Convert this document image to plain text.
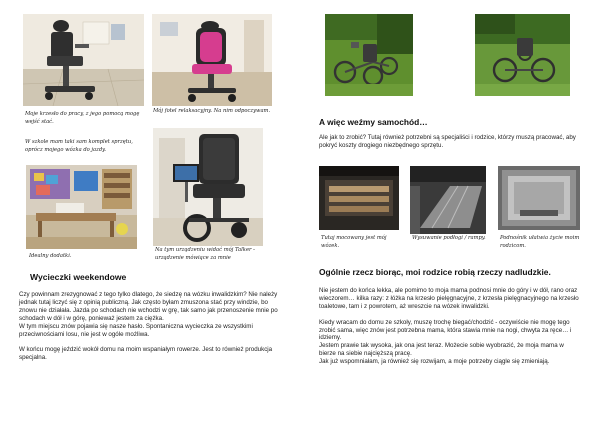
Moje krzesło do pracy, z jego pomocą mogę wejść stać.
Mój fotel relaksacyjny. Na nim odpoczywam.
W szkole mam taki sam komplet sprzętu, oprócz mojego wózka do jazdy.
Idealny dodatki.
Na tym urządzeniu widać mój Talker - urządzenie mówiące za mnie
Wycieczki weekendowe

Czy powinnam zrezygnować z tego tylko dlatego, że siedzę na wózku inwalidzkim? Nie należy jednak tutaj liczyć się z opinią publiczną. Jak często byłam zmuszona stać przy windzie, bo znowu nie działała. Jazda po schodach nie wchodzi w grę, tak samo jak przenoszenie mnie po schodach w dół i w górę, ponieważ jestem za ciężka.

W tym miejscu znów pojawia się nasze hasło. Spontaniczna wycieczka ze wszystkimi przeciwnościami losu, nie jest w ogóle możliwa.

W końcu mogę jeździć wokół domu na moim wspaniałym rowerze. Jest to również produkcja specjalna.

A więc weźmy samochód…
Ale jak to zrobić? Tutaj również potrzebni są specjaliści i rodzice, którzy muszą pracować, aby pokryć koszty drogiego niezbędnego sprzętu.
Tutaj mocowany jest mój wózek.
Wysuwanie podłogi / rampy.	Podnośnik ułatwia życie moim rodzicom.
Ogólnie rzecz biorąc, moi rodzice robią rzeczy nadludzkie.

Nie jestem do końca lekka, ale pomimo to moja mama podnosi mnie do góry i w dół, rano oraz wieczorem… kilka razy: z łóżka na krzesło pielęgnacyjne, z krzesła pielęgnacyjnego na krzesło toaletowe, tam i z powrotem, aż wreszcie na wózek inwalidzki.

Kiedy wracam do domu ze szkoły, muszę trochę biegać/chodzić - oczywiście nie mogę tego zrobić sama, więc znów jest potrzebna mama, która stawia mnie na nogi, chwyta za ręce… i idziemy.

Jestem prawie tak wysoka, jak ona jest teraz. Możecie sobie wyobrazić, że moja mama w bierze na siebie najcięższą pracę.

Jak już wspomniałam, ja również się rozwijam, a moje potrzeby ciągle się zmieniają.
